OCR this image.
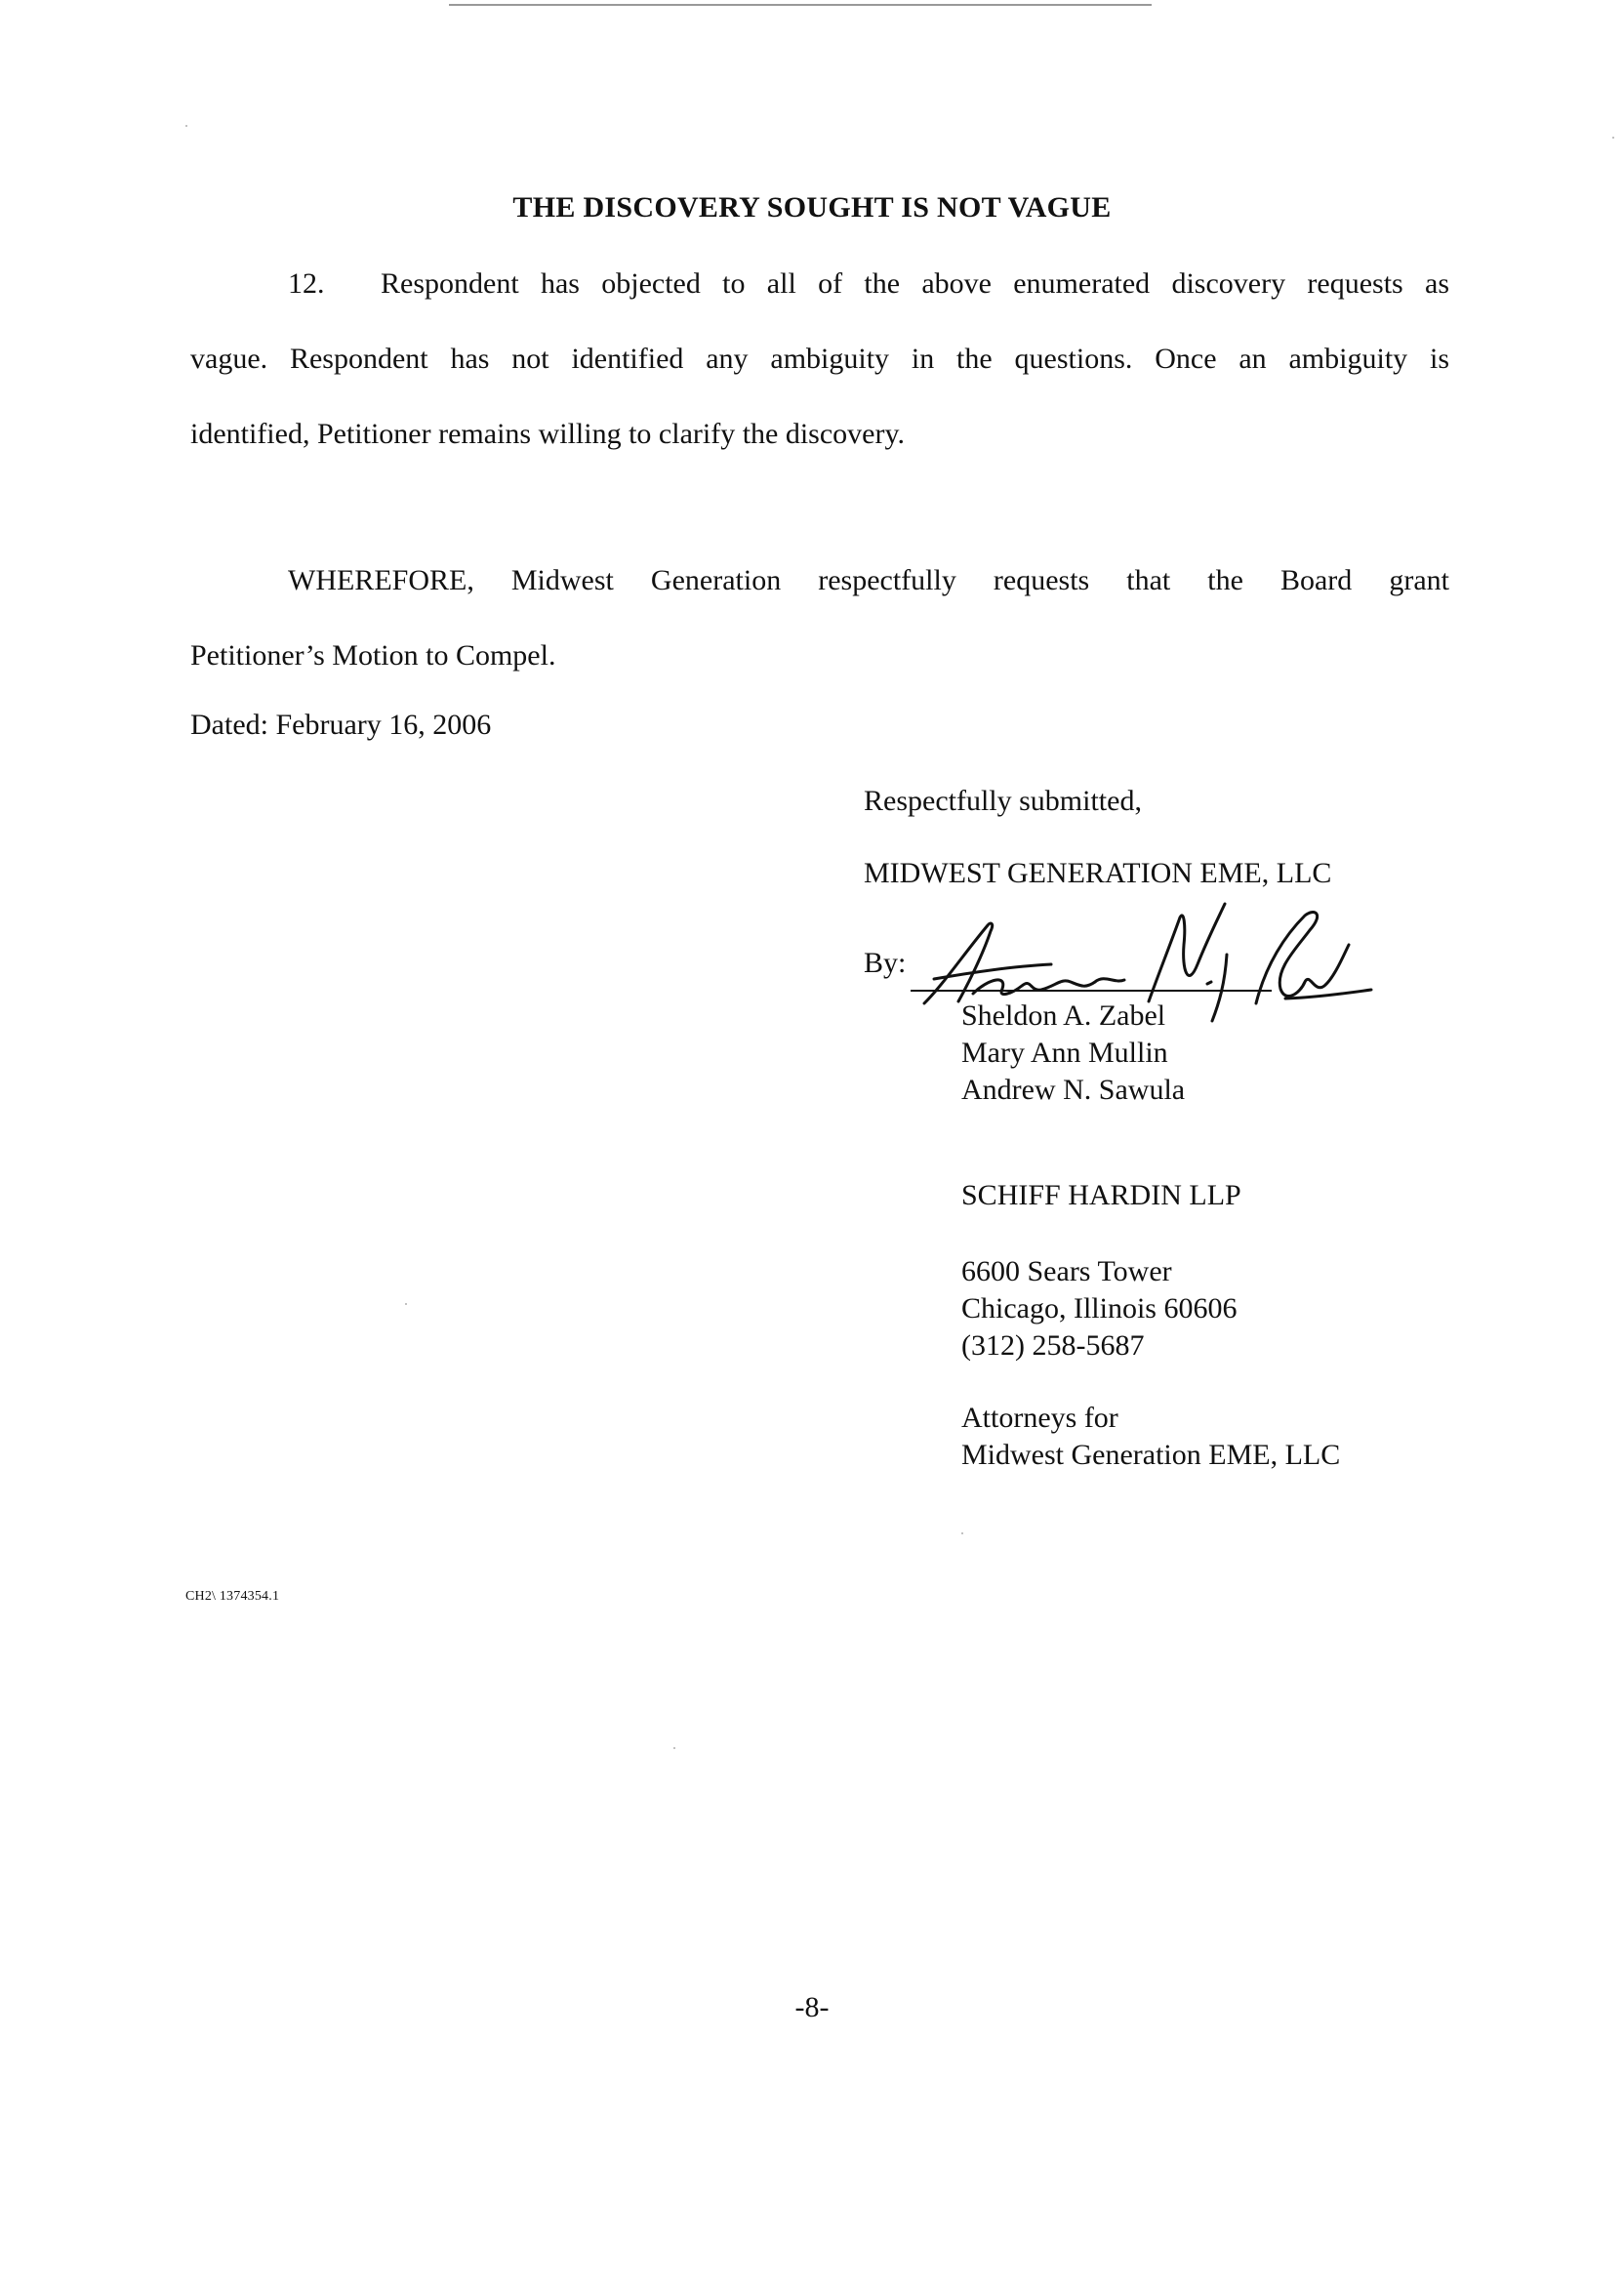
THE DISCOVERY SOUGHT IS NOT VAGUE
12. Respondent has objected to all of the above enumerated discovery requests as
vague. Respondent has not identified any ambiguity in the questions. Once an ambiguity is
identified, Petitioner remains willing to clarify the discovery.
WHEREFORE, Midwest Generation respectfully requests that the Board grant
Petitioner’s Motion to Compel.
Dated: February 16, 2006
Respectfully submitted,
MIDWEST GENERATION EME, LLC
By:
Sheldon A. Zabel
Mary Ann Mullin
Andrew N. Sawula
SCHIFF HARDIN LLP
6600 Sears Tower
Chicago, Illinois 60606
(312) 258-5687
Attorneys for
Midwest Generation EME, LLC
CH2\ 1374354.1
-8-
